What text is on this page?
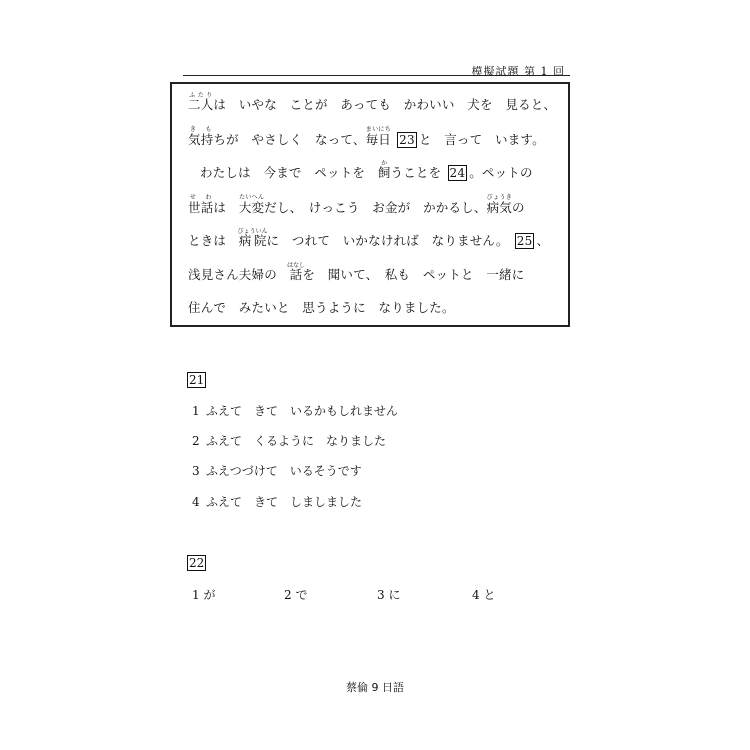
模擬試題 第 1 回
二人ふたりは　いやな　ことが　あっても　かわいい　犬を　見ると、
気持き もちが　やさしく　なって、毎日まいにち 23 と　言って　います。
わたしは　今まで　ペットを　飼かうことを 24 。ペットの
世話せ わは　大変たいへんだし、　けっこう　お金が　かかるし、病気びょうきの
ときは　病院びょういんに　つれて　いかなければ　なりません。 25 、
浅見さん夫婦の　話はなしを　聞いて、　私も　ペットと　一緒に
住んで　みたいと　思うように　なりました。
21
1 ふえて　きて　いるかもしれません
2 ふえて　くるように　なりました
3 ふえつづけて　いるそうです
4 ふえて　きて　しましました
22
1 が	2 で	3 に	4 と
蔡倫 9 日語
